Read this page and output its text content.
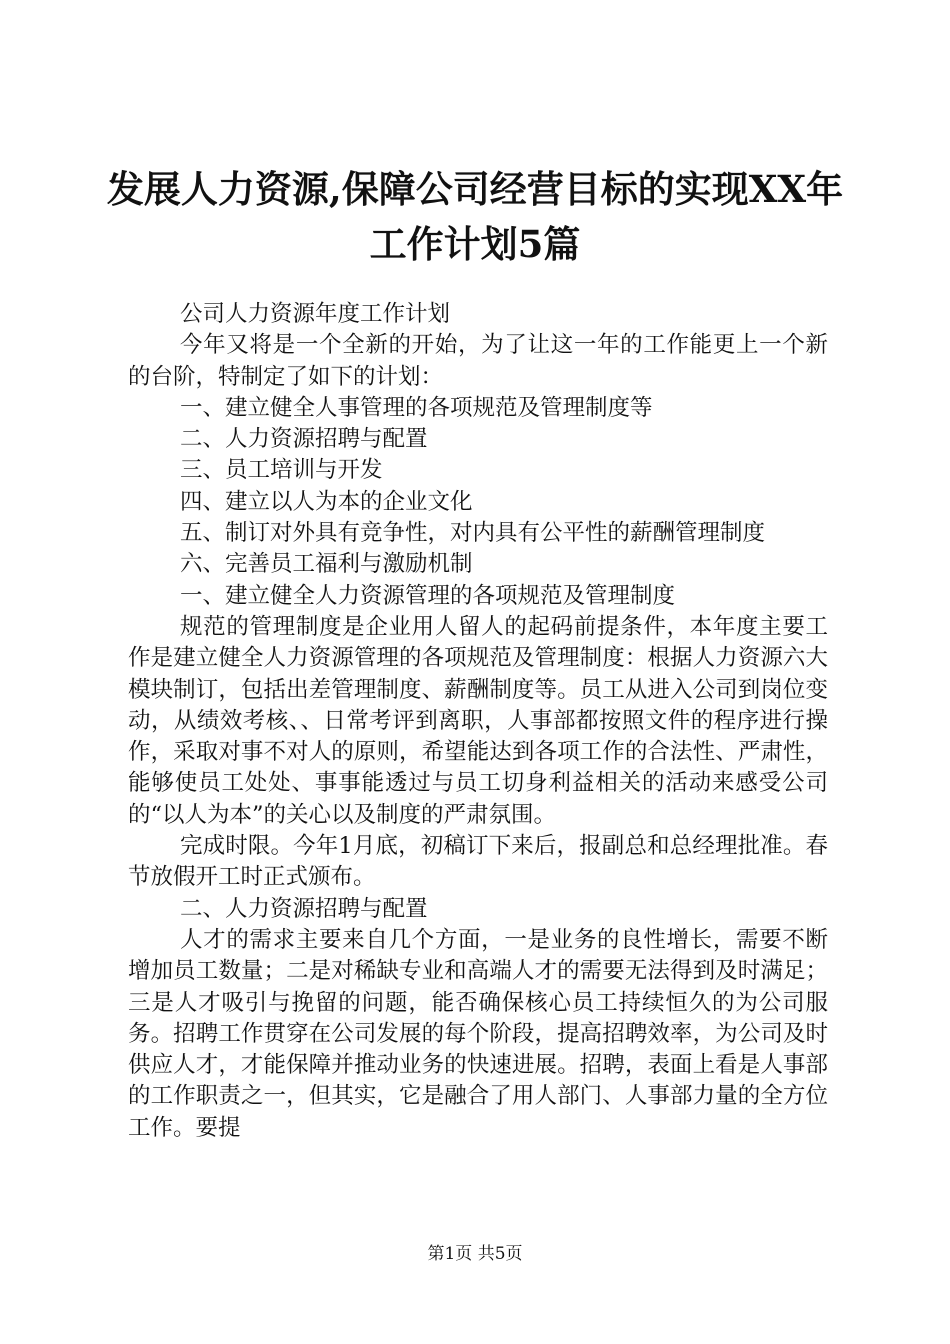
发展人力资源,保障公司经营目标的实现XX年
工作计划5篇

公司人力资源年度工作计划

今年又将是一个全新的开始，为了让这一年的工作能更上一个新的台阶，特制定了如下的计划：

一、建立健全人事管理的各项规范及管理制度等

二、人力资源招聘与配置

三、员工培训与开发

四、建立以人为本的企业文化

五、制订对外具有竞争性，对内具有公平性的薪酬管理制度

六、完善员工福利与激励机制

一、建立健全人力资源管理的各项规范及管理制度

规范的管理制度是企业用人留人的起码前提条件，本年度主要工作是建立健全人力资源管理的各项规范及管理制度：根据人力资源六大模块制订，包括出差管理制度、薪酬制度等。员工从进入公司到岗位变动，从绩效考核、、日常考评到离职，人事部都按照文件的程序进行操作，采取对事不对人的原则，希望能达到各项工作的合法性、严肃性，能够使员工处处、事事能透过与员工切身利益相关的活动来感受公司的“以人为本”的关心以及制度的严肃氛围。

完成时限。今年1月底，初稿订下来后，报副总和总经理批准。春节放假开工时正式颁布。

二、人力资源招聘与配置

人才的需求主要来自几个方面，一是业务的良性增长，需要不断增加员工数量；二是对稀缺专业和高端人才的需要无法得到及时满足；三是人才吸引与挽留的问题，能否确保核心员工持续恒久的为公司服务。招聘工作贯穿在公司发展的每个阶段，提高招聘效率，为公司及时供应人才，才能保障并推动业务的快速进展。招聘，表面上看是人事部的工作职责之一，但其实，它是融合了用人部门、人事部力量的全方位工作。要提

第1页 共5页
